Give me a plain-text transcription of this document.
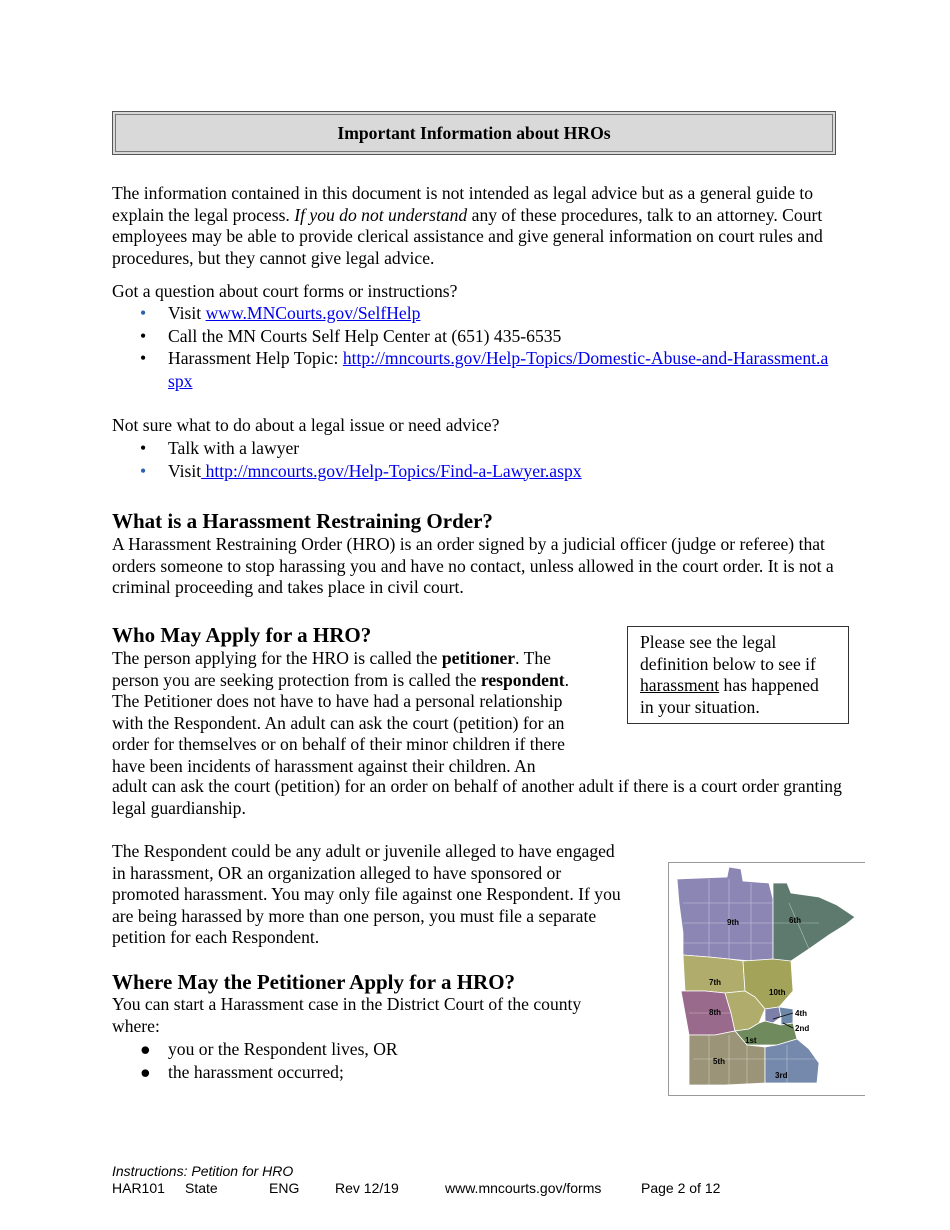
Important Information about HROs

The information contained in this document is not intended as legal advice but as a general guide to explain the legal process. If you do not understand any of these procedures, talk to an attorney. Court employees may be able to provide clerical assistance and give general information on court rules and procedures, but they cannot give legal advice.

Got a question about court forms or instructions?

• Visit www.MNCourts.gov/SelfHelp
• Call the MN Courts Self Help Center at (651) 435-6535
• Harassment Help Topic: http://mncourts.gov/Help-Topics/Domestic-Abuse-and-Harassment.aspx

Not sure what to do about a legal issue or need advice?

• Talk with a lawyer
• Visit http://mncourts.gov/Help-Topics/Find-a-Lawyer.aspx
What is a Harassment Restraining Order?

A Harassment Restraining Order (HRO) is an order signed by a judicial officer (judge or referee) that orders someone to stop harassing you and have no contact, unless allowed in the court order. It is not a criminal proceeding and takes place in civil court.

Who May Apply for a HRO?

The person applying for the HRO is called the petitioner. The person you are seeking protection from is called the respondent. The Petitioner does not have to have had a personal relationship with the Respondent. An adult can ask the court (petition) for an order for themselves or on behalf of their minor children if there have been incidents of harassment against their children. An

adult can ask the court (petition) for an order on behalf of another adult if there is a court order granting legal guardianship.

Please see the legal definition below to see if harassment has happened in your situation.

The Respondent could be any adult or juvenile alleged to have engaged in harassment, OR an organization alleged to have sponsored or promoted harassment. You may only file against one Respondent. If you are being harassed by more than one person, you must file a separate petition for each Respondent.

Where May the Petitioner Apply for a HRO?

You can start a Harassment case in the District Court of the county where:

● you or the Respondent lives, OR
● the harassment occurred;
9th	6th
7th
10th
4th
8th
2nd
1st
5th
3rd
Instructions: Petition for HRO
HAR101 State	ENG	Rev 12/19	www.mncourts.gov/forms	Page 2 of 12
